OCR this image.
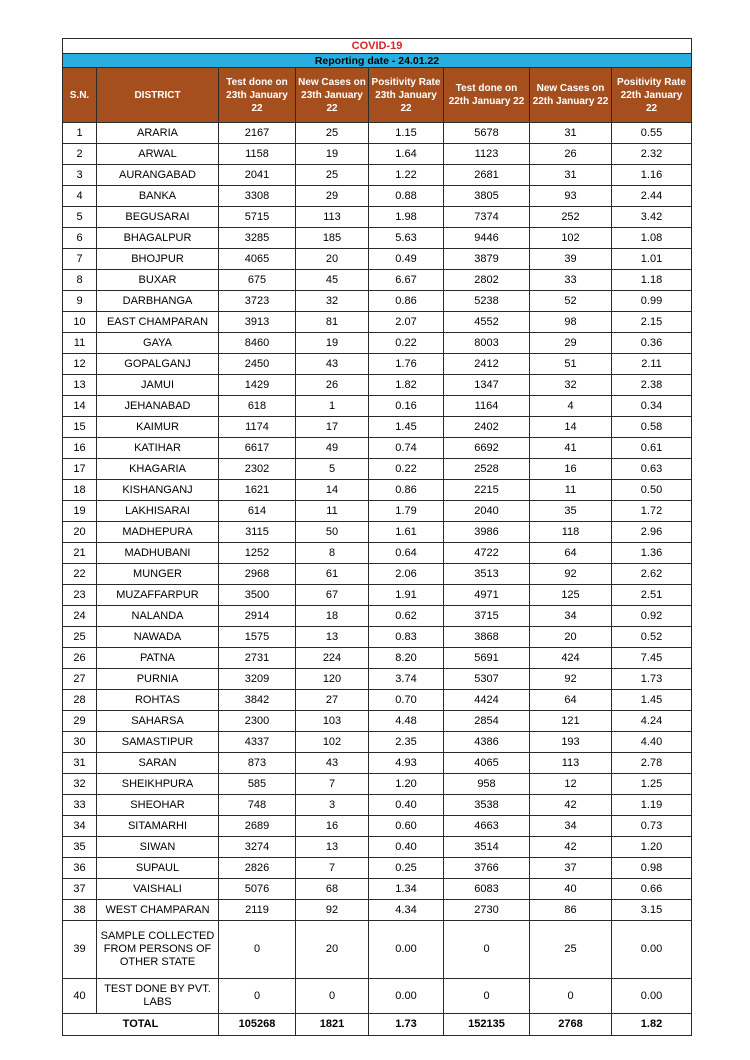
COVID-19							
Reporting date - 24.01.22							
S.N.	DISTRICT	Test done on 23th January 22	New Cases on 23th January 22	Positivity Rate 23th January 22	Test done on 22th January 22	New Cases on 22th January 22	Positivity Rate 22th January 22
1	ARARIA	2167	25	1.15	5678	31	0.55
2	ARWAL	1158	19	1.64	1123	26	2.32
3	AURANGABAD	2041	25	1.22	2681	31	1.16
4	BANKA	3308	29	0.88	3805	93	2.44
5	BEGUSARAI	5715	113	1.98	7374	252	3.42
6	BHAGALPUR	3285	185	5.63	9446	102	1.08
7	BHOJPUR	4065	20	0.49	3879	39	1.01
8	BUXAR	675	45	6.67	2802	33	1.18
9	DARBHANGA	3723	32	0.86	5238	52	0.99
10	EAST CHAMPARAN	3913	81	2.07	4552	98	2.15
11	GAYA	8460	19	0.22	8003	29	0.36
12	GOPALGANJ	2450	43	1.76	2412	51	2.11
13	JAMUI	1429	26	1.82	1347	32	2.38
14	JEHANABAD	618	1	0.16	1164	4	0.34
15	KAIMUR	1174	17	1.45	2402	14	0.58
16	KATIHAR	6617	49	0.74	6692	41	0.61
17	KHAGARIA	2302	5	0.22	2528	16	0.63
18	KISHANGANJ	1621	14	0.86	2215	11	0.50
19	LAKHISARAI	614	11	1.79	2040	35	1.72
20	MADHEPURA	3115	50	1.61	3986	118	2.96
21	MADHUBANI	1252	8	0.64	4722	64	1.36
22	MUNGER	2968	61	2.06	3513	92	2.62
23	MUZAFFARPUR	3500	67	1.91	4971	125	2.51
24	NALANDA	2914	18	0.62	3715	34	0.92
25	NAWADA	1575	13	0.83	3868	20	0.52
26	PATNA	2731	224	8.20	5691	424	7.45
27	PURNIA	3209	120	3.74	5307	92	1.73
28	ROHTAS	3842	27	0.70	4424	64	1.45
29	SAHARSA	2300	103	4.48	2854	121	4.24
30	SAMASTIPUR	4337	102	2.35	4386	193	4.40
31	SARAN	873	43	4.93	4065	113	2.78
32	SHEIKHPURA	585	7	1.20	958	12	1.25
33	SHEOHAR	748	3	0.40	3538	42	1.19
34	SITAMARHI	2689	16	0.60	4663	34	0.73
35	SIWAN	3274	13	0.40	3514	42	1.20
36	SUPAUL	2826	7	0.25	3766	37	0.98
37	VAISHALI	5076	68	1.34	6083	40	0.66
38	WEST CHAMPARAN	2119	92	4.34	2730	86	3.15
39	SAMPLE COLLECTED FROM PERSONS OF OTHER STATE	0	20	0.00	0	25	0.00
40	TEST DONE BY PVT. LABS	0	0	0.00	0	0	0.00
TOTAL		105268	1821	1.73	152135	2768	1.82
